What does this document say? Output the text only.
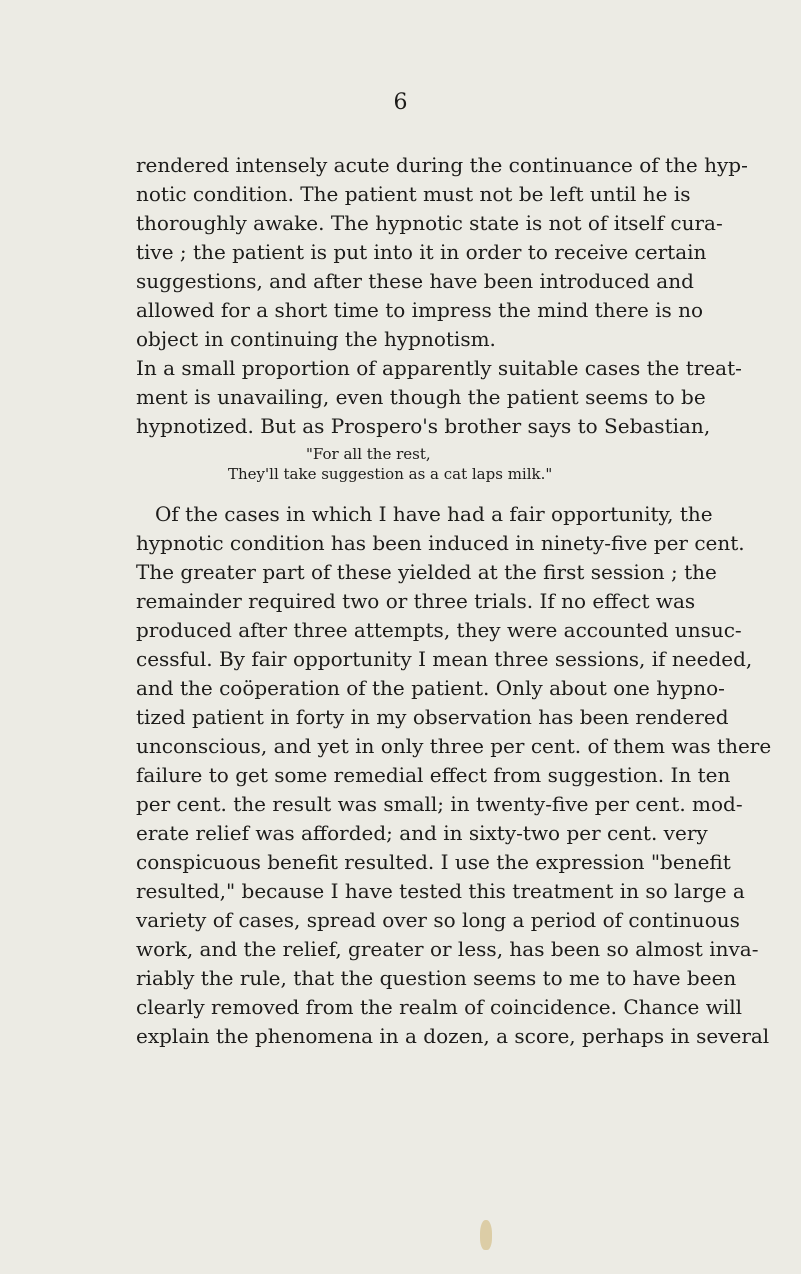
6
rendered intensely acute during the continuance of the hyp-
notic condition. The patient must not be left until he is
thoroughly awake. The hypnotic state is not of itself cura-
tive ; the patient is put into it in order to receive certain
suggestions, and after these have been introduced and
allowed for a short time to impress the mind there is no
object in continuing the hypnotism.
In a small proportion of apparently suitable cases the treat-
ment is unavailing, even though the patient seems to be
hypnotized. But as Prospero's brother says to Sebastian,
"For all the rest,
They'll take suggestion as a cat laps milk."
Of the cases in which I have had a fair opportunity, the
hypnotic condition has been induced in ninety-five per cent.
The greater part of these yielded at the first session ; the
remainder required two or three trials. If no effect was
produced after three attempts, they were accounted unsuc-
cessful. By fair opportunity I mean three sessions, if needed,
and the coöperation of the patient. Only about one hypno-
tized patient in forty in my observation has been rendered
unconscious, and yet in only three per cent. of them was there
failure to get some remedial effect from suggestion. In ten
per cent. the result was small; in twenty-five per cent. mod-
erate relief was afforded; and in sixty-two per cent. very
conspicuous benefit resulted. I use the expression "benefit
resulted," because I have tested this treatment in so large a
variety of cases, spread over so long a period of continuous
work, and the relief, greater or less, has been so almost inva-
riably the rule, that the question seems to me to have been
clearly removed from the realm of coincidence. Chance will
explain the phenomena in a dozen, a score, perhaps in several
